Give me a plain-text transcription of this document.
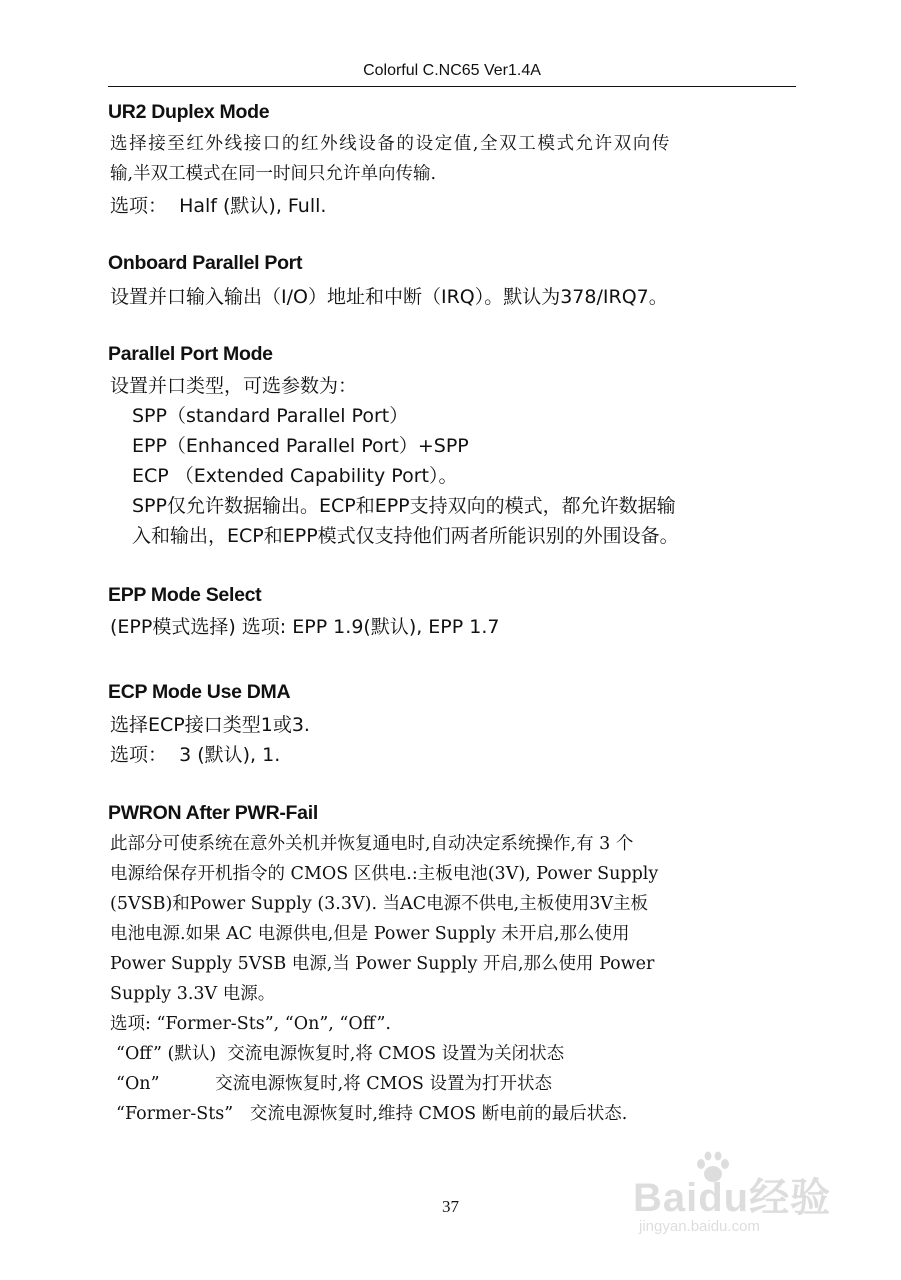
Colorful C.NC65 Ver1.4A
UR2 Duplex Mode
选择接至红外线接口的红外线设备的设定值,全双工模式允许双向传
输,半双工模式在同一时间只允许单向传输.
选项：  Half (默认), Full.
Onboard Parallel Port
设置并口输入输出（I/O）地址和中断（IRQ）。默认为378/IRQ7。
Parallel Port Mode
设置并口类型，可选参数为：
SPP（standard Parallel Port）
EPP（Enhanced Parallel Port）+SPP
ECP （Extended Capability Port）。
SPP仅允许数据输出。ECP和EPP支持双向的模式，都允许数据输
入和输出，ECP和EPP模式仅支持他们两者所能识别的外围设备。
EPP Mode Select
(EPP模式选择) 选项: EPP 1.9(默认), EPP 1.7
ECP Mode Use DMA
选择ECP接口类型1或3.
选项：  3 (默认), 1.
PWRON After PWR-Fail
此部分可使系统在意外关机并恢复通电时,自动决定系统操作,有 3 个
电源给保存开机指令的 CMOS 区供电.:主板电池(3V), Power Supply
(5VSB)和Power Supply (3.3V). 当AC电源不供电,主板使用3V主板
电池电源.如果 AC 电源供电,但是 Power Supply 未开启,那么使用
Power Supply 5VSB 电源,当 Power Supply 开启,那么使用 Power
Supply 3.3V 电源。
选项: “Former-Sts”, “On”, “Off”.
“Off” (默认)  交流电源恢复时,将 CMOS 设置为关闭状态
“On”          交流电源恢复时,将 CMOS 设置为打开状态
“Former-Sts”   交流电源恢复时,维持 CMOS 断电前的最后状态.
37	Baidu经验
jingyan.baidu.com
